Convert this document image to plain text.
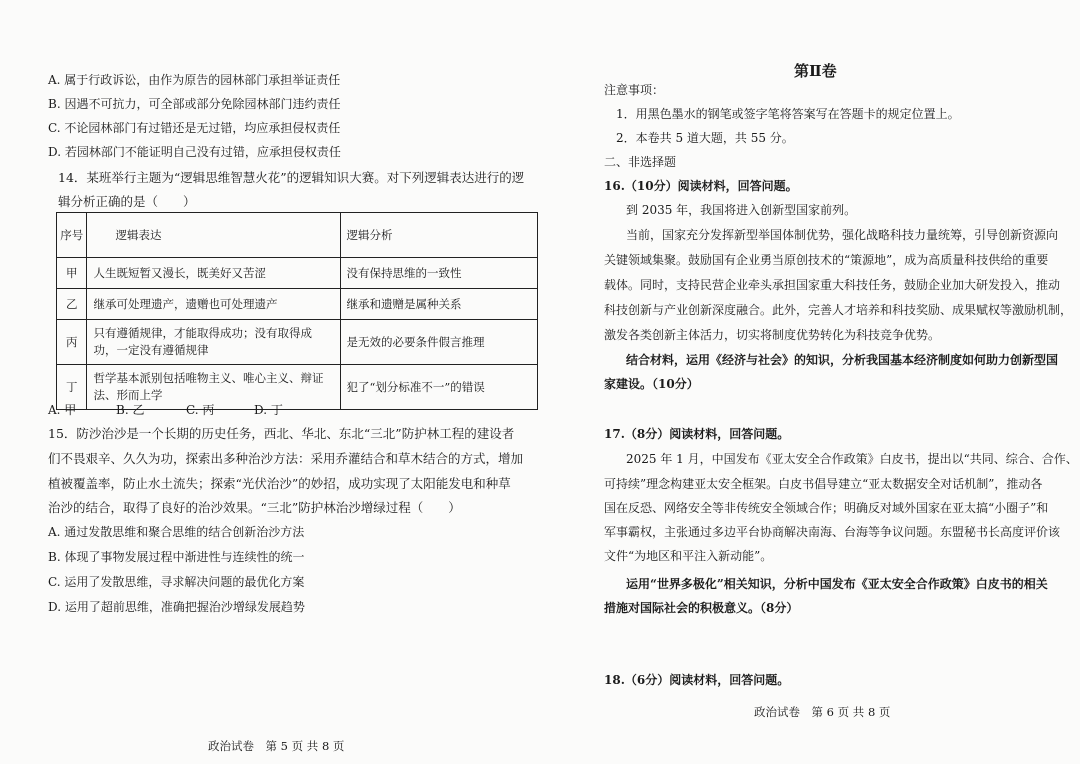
A. 属于行政诉讼，由作为原告的园林部门承担举证责任
B. 因遇不可抗力，可全部或部分免除园林部门违约责任
C. 不论园林部门有过错还是无过错，均应承担侵权责任
D. 若园林部门不能证明自己没有过错，应承担侵权责任
14．某班举行主题为“逻辑思维智慧火花”的逻辑知识大赛。对下列逻辑表达进行的逻
辑分析正确的是（　　）
序号	逻辑表达	逻辑分析
甲	人生既短暂又漫长，既美好又苦涩	没有保持思维的一致性
乙	继承可处理遗产，遗赠也可处理遗产	继承和遗赠是属种关系
丙	只有遵循规律，才能取得成功；没有取得成功，一定没有遵循规律	是无效的必要条件假言推理
丁	哲学基本派别包括唯物主义、唯心主义、辩证法、形而上学	犯了“划分标准不一”的错误
A. 甲	B. 乙	C. 丙	D. 丁
15．防沙治沙是一个长期的历史任务，西北、华北、东北“三北”防护林工程的建设者
们不畏艰辛、久久为功，探索出多种治沙方法：采用乔灌结合和草木结合的方式，增加
植被覆盖率，防止水土流失；探索“光伏治沙”的妙招，成功实现了太阳能发电和种草
治沙的结合，取得了良好的治沙效果。“三北”防护林治沙增绿过程（　　）
A. 通过发散思维和聚合思维的结合创新治沙方法
B. 体现了事物发展过程中渐进性与连续性的统一
C. 运用了发散思维，寻求解决问题的最优化方案
D. 运用了超前思维，准确把握治沙增绿发展趋势
政治试卷　第 5 页 共 8 页
第Ⅱ卷
注意事项：
1．用黑色墨水的钢笔或签字笔将答案写在答题卡的规定位置上。
2．本卷共 5 道大题，共 55 分。
二、非选择题
16.（10分）阅读材料，回答问题。
到 2035 年，我国将进入创新型国家前列。
当前，国家充分发挥新型举国体制优势，强化战略科技力量统筹，引导创新资源向
关键领域集聚。鼓励国有企业勇当原创技术的“策源地”，成为高质量科技供给的重要
载体。同时，支持民营企业牵头承担国家重大科技任务，鼓励企业加大研发投入，推动
科技创新与产业创新深度融合。此外，完善人才培养和科技奖励、成果赋权等激励机制，
激发各类创新主体活力，切实将制度优势转化为科技竞争优势。
结合材料，运用《经济与社会》的知识，分析我国基本经济制度如何助力创新型国
家建设。（10分）
17.（8分）阅读材料，回答问题。
2025 年 1 月，中国发布《亚太安全合作政策》白皮书，提出以“共同、综合、合作、
可持续”理念构建亚太安全框架。白皮书倡导建立“亚太数据安全对话机制”，推动各
国在反恐、网络安全等非传统安全领域合作；明确反对域外国家在亚太搞“小圈子”和
军事霸权，主张通过多边平台协商解决南海、台海等争议问题。东盟秘书长高度评价该
文件“为地区和平注入新动能”。
运用“世界多极化”相关知识，分析中国发布《亚太安全合作政策》白皮书的相关
措施对国际社会的积极意义。（8分）
18.（6分）阅读材料，回答问题。
政治试卷　第 6 页 共 8 页
